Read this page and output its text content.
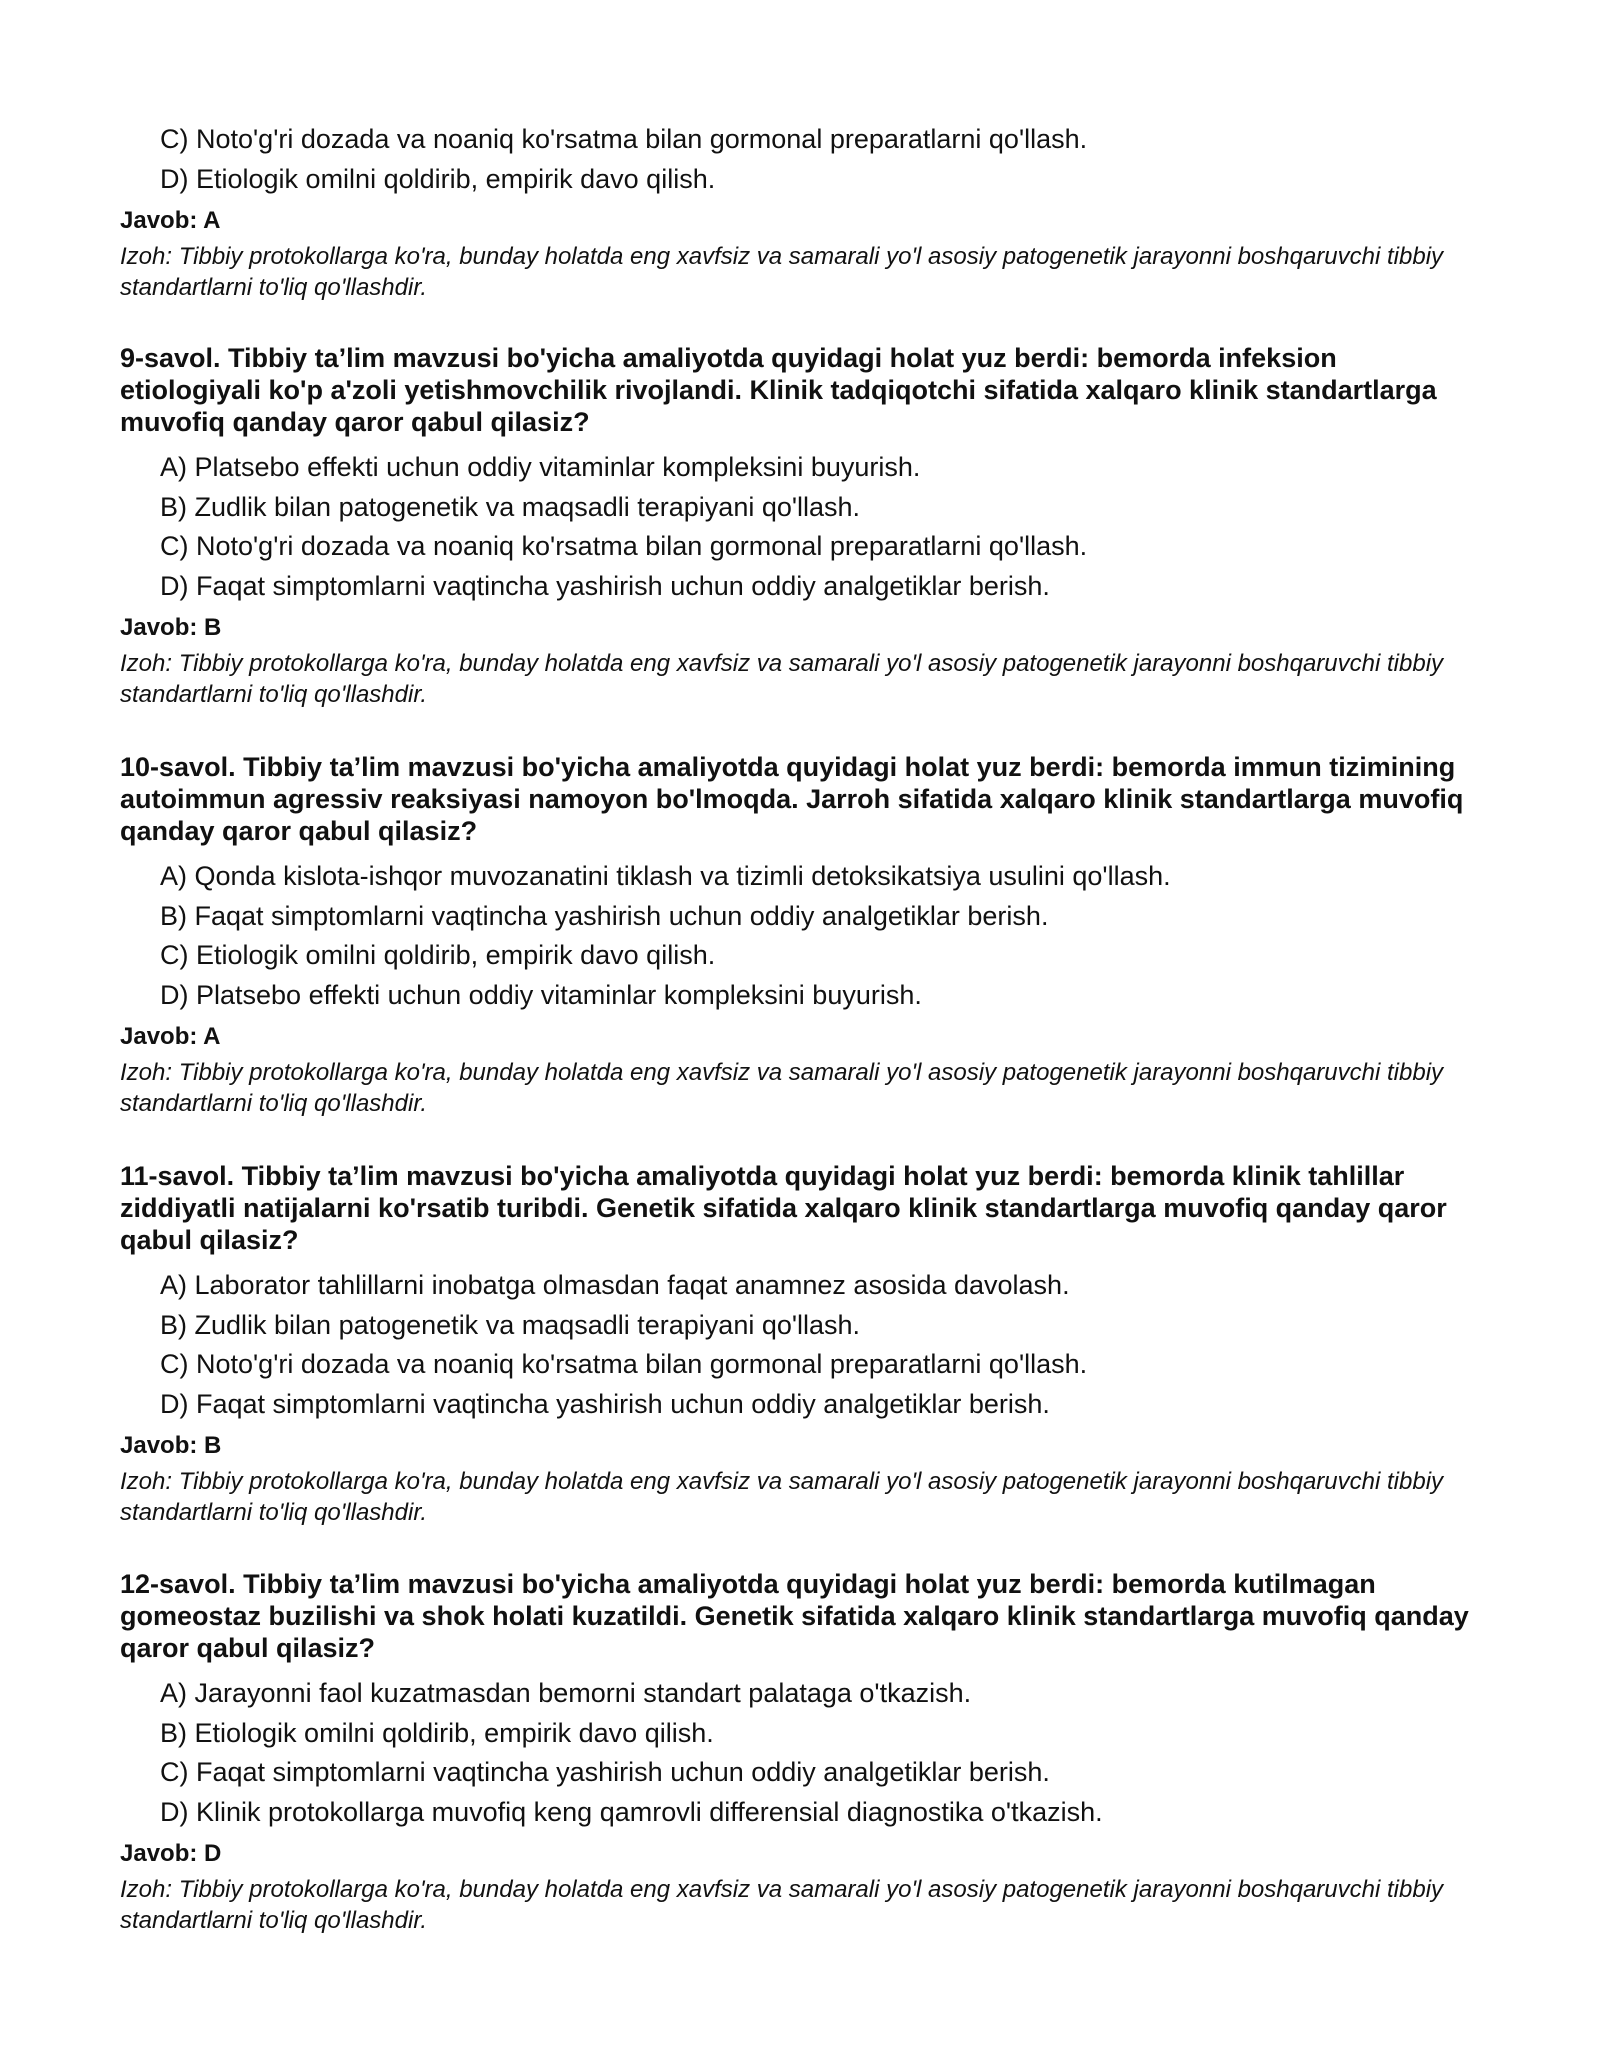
C) Noto'g'ri dozada va noaniq ko'rsatma bilan gormonal preparatlarni qo'llash.
D) Etiologik omilni qoldirib, empirik davo qilish.
Javob: A
Izoh: Tibbiy protokollarga ko'ra, bunday holatda eng xavfsiz va samarali yo'l asosiy patogenetik jarayonni boshqaruvchi tibbiy standartlarni to'liq qo'llashdir.
9-savol. Tibbiy ta’lim mavzusi bo'yicha amaliyotda quyidagi holat yuz berdi: bemorda infeksion etiologiyali ko'p a'zoli yetishmovchilik rivojlandi. Klinik tadqiqotchi sifatida xalqaro klinik standartlarga muvofiq qanday qaror qabul qilasiz?
A) Platsebo effekti uchun oddiy vitaminlar kompleksini buyurish.
B) Zudlik bilan patogenetik va maqsadli terapiyani qo'llash.
C) Noto'g'ri dozada va noaniq ko'rsatma bilan gormonal preparatlarni qo'llash.
D) Faqat simptomlarni vaqtincha yashirish uchun oddiy analgetiklar berish.
Javob: B
Izoh: Tibbiy protokollarga ko'ra, bunday holatda eng xavfsiz va samarali yo'l asosiy patogenetik jarayonni boshqaruvchi tibbiy standartlarni to'liq qo'llashdir.
10-savol. Tibbiy ta’lim mavzusi bo'yicha amaliyotda quyidagi holat yuz berdi: bemorda immun tizimining autoimmun agressiv reaksiyasi namoyon bo'lmoqda. Jarroh sifatida xalqaro klinik standartlarga muvofiq qanday qaror qabul qilasiz?
A) Qonda kislota-ishqor muvozanatini tiklash va tizimli detoksikatsiya usulini qo'llash.
B) Faqat simptomlarni vaqtincha yashirish uchun oddiy analgetiklar berish.
C) Etiologik omilni qoldirib, empirik davo qilish.
D) Platsebo effekti uchun oddiy vitaminlar kompleksini buyurish.
Javob: A
Izoh: Tibbiy protokollarga ko'ra, bunday holatda eng xavfsiz va samarali yo'l asosiy patogenetik jarayonni boshqaruvchi tibbiy standartlarni to'liq qo'llashdir.
11-savol. Tibbiy ta’lim mavzusi bo'yicha amaliyotda quyidagi holat yuz berdi: bemorda klinik tahlillar ziddiyatli natijalarni ko'rsatib turibdi. Genetik sifatida xalqaro klinik standartlarga muvofiq qanday qaror qabul qilasiz?
A) Laborator tahlillarni inobatga olmasdan faqat anamnez asosida davolash.
B) Zudlik bilan patogenetik va maqsadli terapiyani qo'llash.
C) Noto'g'ri dozada va noaniq ko'rsatma bilan gormonal preparatlarni qo'llash.
D) Faqat simptomlarni vaqtincha yashirish uchun oddiy analgetiklar berish.
Javob: B
Izoh: Tibbiy protokollarga ko'ra, bunday holatda eng xavfsiz va samarali yo'l asosiy patogenetik jarayonni boshqaruvchi tibbiy standartlarni to'liq qo'llashdir.
12-savol. Tibbiy ta’lim mavzusi bo'yicha amaliyotda quyidagi holat yuz berdi: bemorda kutilmagan gomeostaz buzilishi va shok holati kuzatildi. Genetik sifatida xalqaro klinik standartlarga muvofiq qanday qaror qabul qilasiz?
A) Jarayonni faol kuzatmasdan bemorni standart palataga o'tkazish.
B) Etiologik omilni qoldirib, empirik davo qilish.
C) Faqat simptomlarni vaqtincha yashirish uchun oddiy analgetiklar berish.
D) Klinik protokollarga muvofiq keng qamrovli differensial diagnostika o'tkazish.
Javob: D
Izoh: Tibbiy protokollarga ko'ra, bunday holatda eng xavfsiz va samarali yo'l asosiy patogenetik jarayonni boshqaruvchi tibbiy standartlarni to'liq qo'llashdir.
